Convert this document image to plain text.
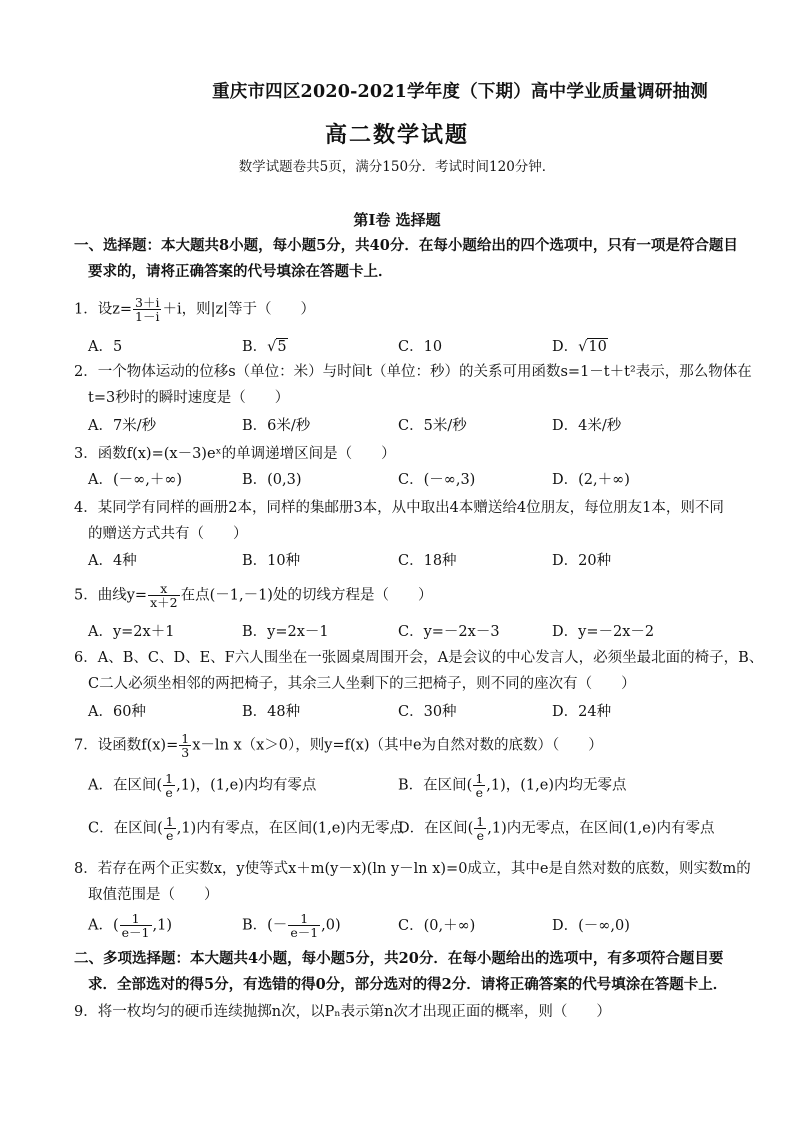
重庆市四区2020-2021学年度（下期）高中学业质量调研抽测
高二数学试题
数学试题卷共5页，满分150分．考试时间120分钟．
第Ⅰ卷 选择题
一、选择题：本大题共8小题，每小题5分，共40分．在每小题给出的四个选项中，只有一项是符合题目
要求的，请将正确答案的代号填涂在答题卡上．
1．设$z= \frac{3+i}{1-i} +i$，则|z|等于（　　）
A．5	B．√5	C．10	D．√10
2．一个物体运动的位移s（单位：米）与时间t（单位：秒）的关系可用函数s=1－t＋t²表示，那么物体在
t=3秒时的瞬时速度是（　　）
A．7米/秒	B．6米/秒	C．5米/秒	D．4米/秒
3．函数f(x)=(x－3)eˣ的单调递增区间是（　　）
A．(－∞,＋∞)	B．(0,3)	C．(－∞,3)	D．(2,＋∞)
4．某同学有同样的画册2本，同样的集邮册3本，从中取出4本赠送给4位朋友，每位朋友1本，则不同
的赠送方式共有（　　）
A．4种	B．10种	C．18种	D．20种
5．曲线$y= \frac{x}{x+2}$ 在点(－1,－1)处的切线方程是（　　）
A．y=2x＋1	B．y=2x－1	C．y=－2x－3	D．y=－2x－2
6．A、B、C、D、E、F六人围坐在一张圆桌周围开会，A是会议的中心发言人，必须坐最北面的椅子，B、
C二人必须坐相邻的两把椅子，其余三人坐剩下的三把椅子，则不同的座次有（　　）
A．60种	B．48种	C．30种	D．24种
7．设函数$f(x)= \frac{1}{3} x-\ln$ x（x＞0），则y=f(x)（其中e为自然对数的底数）（　　）
A．在区间( $\frac{1}{e} ,1$)，(1,e)内均有零点	B．在区间( $\frac{1}{e} ,1$)，(1,e)内均无零点
C．在区间( $\frac{1}{e} ,1$)内有零点，在区间(1,e)内无零点
D．在区间( $\frac{1}{e} ,1$)内无零点，在区间(1,e)内有零点
8．若存在两个正实数x，y使等式x＋m(y－x)(ln y－ln x)=0成立，其中e是自然对数的底数，则实数m的
取值范围是（　　）
A．( $\frac{1}{e-1} ,1$)	B．(－ $\frac{1}{e-1} ,0$)	C．(0,＋∞)	D．(－∞,0)
二、多项选择题：本大题共4小题，每小题5分，共20分．在每小题给出的选项中，有多项符合题目要
求．全部选对的得5分，有选错的得0分，部分选对的得2分．请将正确答案的代号填涂在答题卡上．
9．将一枚均匀的硬币连续抛掷n次，以Pₙ表示第n次才出现正面的概率，则（　　）
